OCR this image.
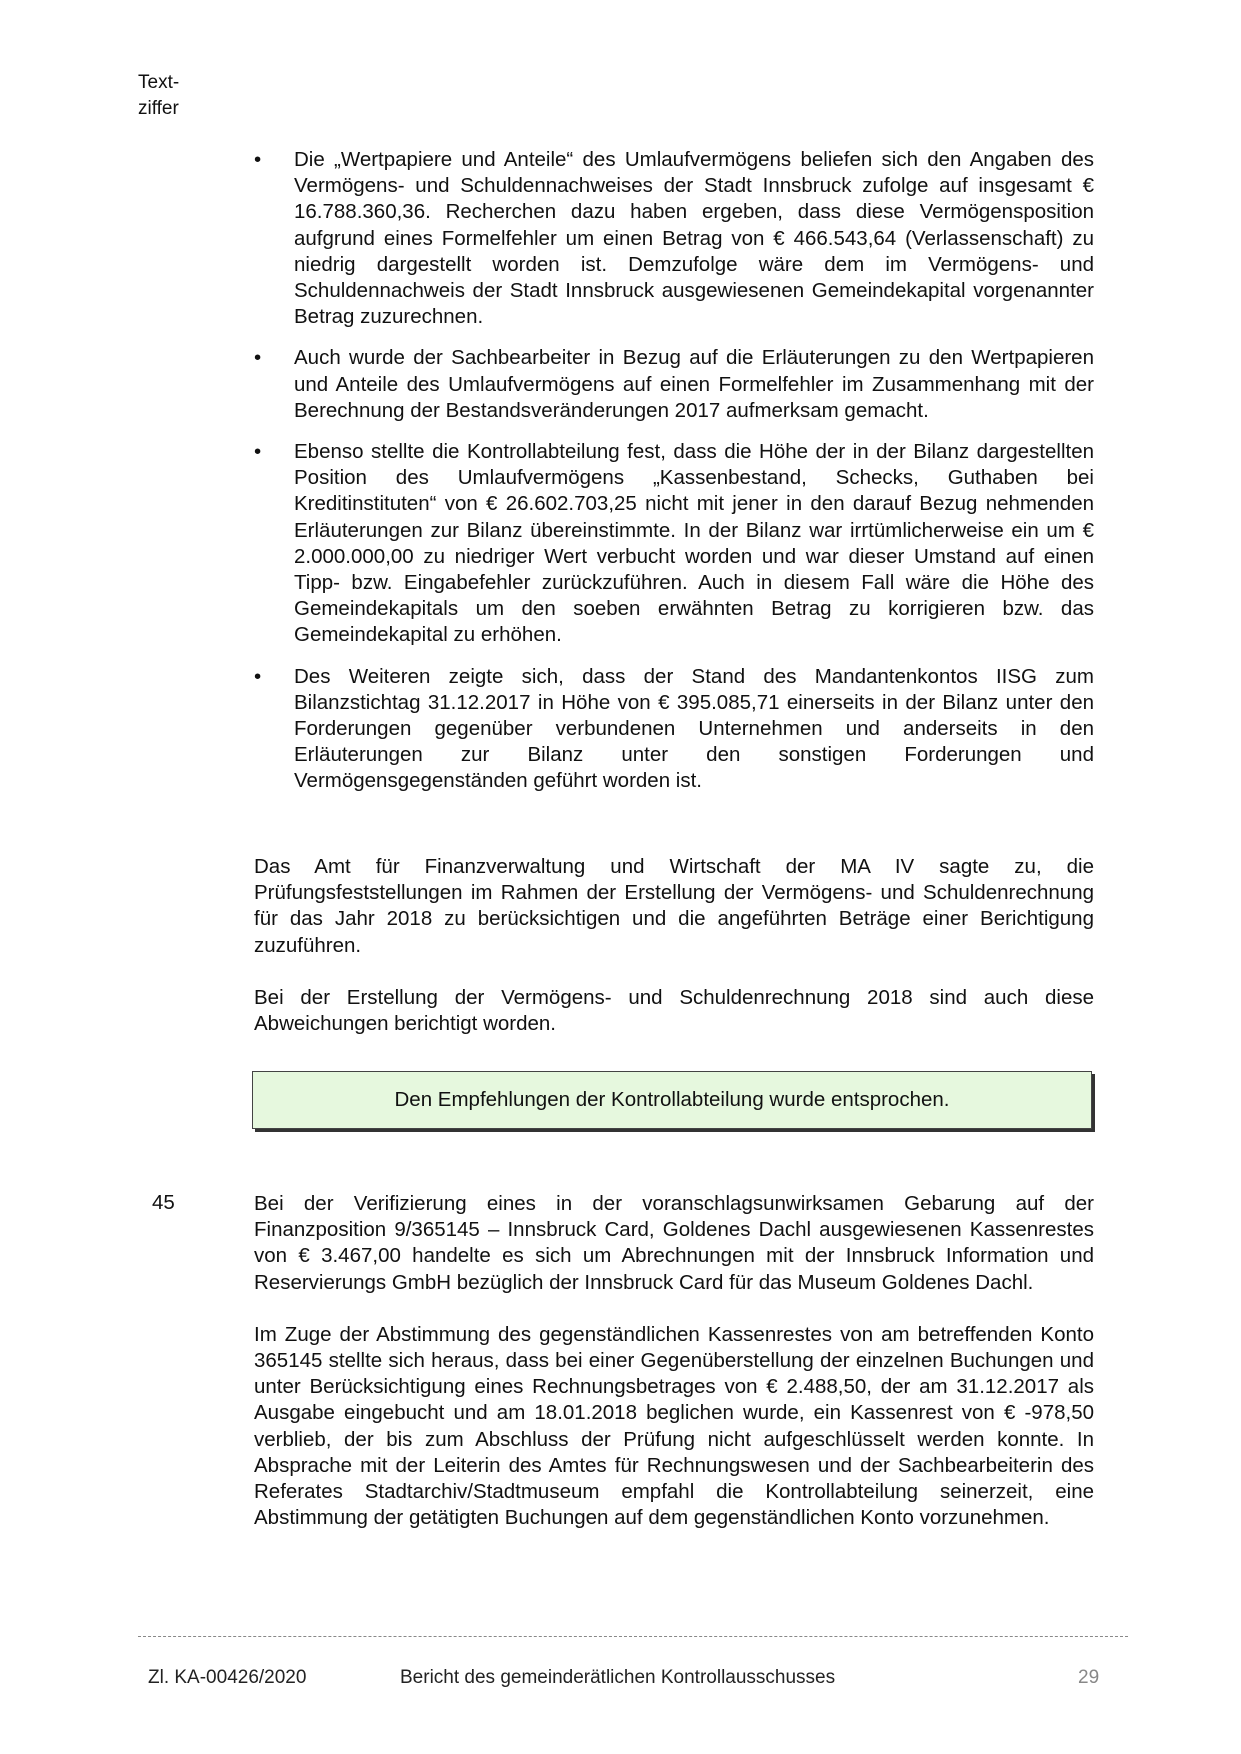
Text-
ziffer
• Die „Wertpapiere und Anteile“ des Umlaufvermögens beliefen sich den Angaben des Vermögens- und Schuldennachweises der Stadt Innsbruck zufolge auf insgesamt € 16.788.360,36. Recherchen dazu haben ergeben, dass diese Vermögensposition aufgrund eines Formelfehler um einen Betrag von € 466.543,64 (Verlassenschaft) zu niedrig dargestellt worden ist. Demzufolge wäre dem im Vermögens- und Schuldennachweis der Stadt Innsbruck ausgewiesenen Gemeindekapital vorgenannter Betrag zuzurechnen.
• Auch wurde der Sachbearbeiter in Bezug auf die Erläuterungen zu den Wertpapieren und Anteile des Umlaufvermögens auf einen Formelfehler im Zusammenhang mit der Berechnung der Bestandsveränderungen 2017 aufmerksam gemacht.
• Ebenso stellte die Kontrollabteilung fest, dass die Höhe der in der Bilanz dargestellten Position des Umlaufvermögens „Kassenbestand, Schecks, Guthaben bei Kreditinstituten“ von € 26.602.703,25 nicht mit jener in den darauf Bezug nehmenden Erläuterungen zur Bilanz übereinstimmte. In der Bilanz war irrtümlicherweise ein um € 2.000.000,00 zu niedriger Wert verbucht worden und war dieser Umstand auf einen Tipp- bzw. Eingabefehler zurückzuführen. Auch in diesem Fall wäre die Höhe des Gemeindekapitals um den soeben erwähnten Betrag zu korrigieren bzw. das Gemeindekapital zu erhöhen.
• Des Weiteren zeigte sich, dass der Stand des Mandantenkontos IISG zum Bilanzstichtag 31.12.2017 in Höhe von € 395.085,71 einerseits in der Bilanz unter den Forderungen gegenüber verbundenen Unternehmen und anderseits in den Erläuterungen zur Bilanz unter den sonstigen Forderungen und Vermögensgegenständen geführt worden ist.

Das Amt für Finanzverwaltung und Wirtschaft der MA IV sagte zu, die Prüfungsfeststellungen im Rahmen der Erstellung der Vermögens- und Schuldenrechnung für das Jahr 2018 zu berücksichtigen und die angeführten Beträge einer Berichtigung zuzuführen.

Bei der Erstellung der Vermögens- und Schuldenrechnung 2018 sind auch diese Abweichungen berichtigt worden.

Den Empfehlungen der Kontrollabteilung wurde entsprochen.
45	Bei der Verifizierung eines in der voranschlagsunwirksamen Gebarung auf der Finanzposition 9/365145 – Innsbruck Card, Goldenes Dachl ausgewiesenen Kassenrestes von € 3.467,00 handelte es sich um Abrechnungen mit der Innsbruck Information und Reservierungs GmbH bezüglich der Innsbruck Card für das Museum Goldenes Dachl.

Im Zuge der Abstimmung des gegenständlichen Kassenrestes von am betreffenden Konto 365145 stellte sich heraus, dass bei einer Gegenüberstellung der einzelnen Buchungen und unter Berücksichtigung eines Rechnungsbetrages von € 2.488,50, der am 31.12.2017 als Ausgabe eingebucht und am 18.01.2018 beglichen wurde, ein Kassenrest von € -978,50 verblieb, der bis zum Abschluss der Prüfung nicht aufgeschlüsselt werden konnte. In Absprache mit der Leiterin des Amtes für Rechnungswesen und der Sachbearbeiterin des Referates Stadtarchiv/Stadtmuseum empfahl die Kontrollabteilung seinerzeit, eine Abstimmung der getätigten Buchungen auf dem gegenständlichen Konto vorzunehmen.

Zl. KA-00426/2020	Bericht des gemeinderätlichen Kontrollausschusses	29
